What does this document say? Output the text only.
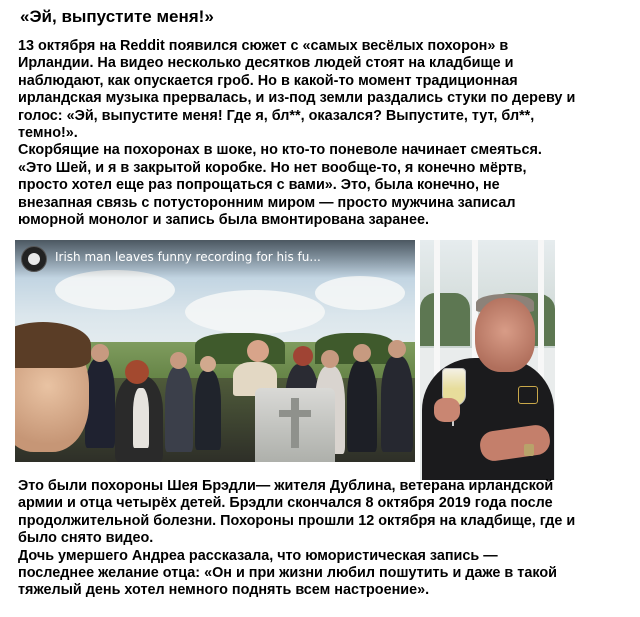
«Эй, выпустите меня!»
13 октября на Reddit появился сюжет с «самых весёлых похорон» в
Ирландии. На видео несколько десятков людей стоят на кладбище и
наблюдают, как опускается гроб. Но в какой-то момент традиционная
ирландская музыка прервалась, и из-под земли раздались стуки по дереву и
голос: «Эй, выпустите меня! Где я, бл**, оказался? Выпустите, тут, бл**,
темно!».
Скорбящие на похоронах в шоке, но кто-то поневоле начинает смеяться.
«Это Шей, и я в закрытой коробке. Но нет вообще-то, я конечно мёртв,
просто хотел еще раз попрощаться с вами». Это, была конечно, не
внезапная связь с потусторонним миром — просто мужчина записал
юморной монолог и запись была вмонтирована заранее.
Irish man leaves funny recording for his fu...
Это были похороны Шея Брэдли— жителя Дублина, ветерана ирландской
армии и отца четырёх детей. Брэдли скончался 8 октября 2019 года после
продолжительной болезни. Похороны прошли 12 октября на кладбище, где и
было снято видео.
Дочь умершего Андреа рассказала, что юмористическая запись —
последнее желание отца: «Он и при жизни любил пошутить и даже в такой
тяжелый день хотел немного поднять всем настроение».
